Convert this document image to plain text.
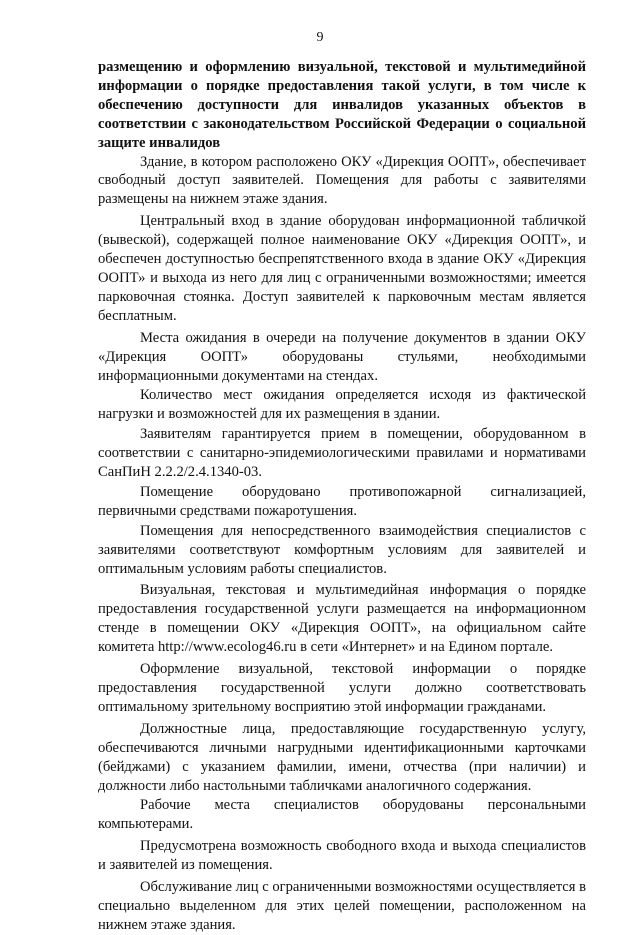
9

размещению и оформлению визуальной, текстовой и мультимедийной информации о порядке предоставления такой услуги, в том числе к обеспечению доступности для инвалидов указанных объектов в соответствии с законодательством Российской Федерации о социальной защите инвалидов

Здание, в котором расположено ОКУ «Дирекция ООПТ», обеспечивает свободный доступ заявителей. Помещения для работы с заявителями размещены на нижнем этаже здания.

Центральный вход в здание оборудован информационной табличкой (вывеской), содержащей полное наименование ОКУ «Дирекция ООПТ», и обеспечен доступностью беспрепятственного входа в здание ОКУ «Дирекция ООПТ» и выхода из него для лиц с ограниченными возможностями; имеется парковочная стоянка. Доступ заявителей к парковочным местам является бесплатным.

Места ожидания в очереди на получение документов в здании ОКУ «Дирекция ООПТ» оборудованы стульями, необходимыми информационными документами на стендах.

Количество мест ожидания определяется исходя из фактической нагрузки и возможностей для их размещения в здании.

Заявителям гарантируется прием в помещении, оборудованном в соответствии с санитарно-эпидемиологическими правилами и нормативами СанПиН 2.2.2/2.4.1340-03.

Помещение оборудовано противопожарной сигнализацией, первичными средствами пожаротушения.

Помещения для непосредственного взаимодействия специалистов с заявителями соответствуют комфортным условиям для заявителей и оптимальным условиям работы специалистов.

Визуальная, текстовая и мультимедийная информация о порядке предоставления государственной услуги размещается на информационном стенде в помещении ОКУ «Дирекция ООПТ», на официальном сайте комитета http://www.ecolog46.ru в сети «Интернет» и на Едином портале.

Оформление визуальной, текстовой информации о порядке предоставления государственной услуги должно соответствовать оптимальному зрительному восприятию этой информации гражданами.

Должностные лица, предоставляющие государственную услугу, обеспечиваются личными нагрудными идентификационными карточками (бейджами) с указанием фамилии, имени, отчества (при наличии) и должности либо настольными табличками аналогичного содержания.

Рабочие места специалистов оборудованы персональными компьютерами.

Предусмотрена возможность свободного входа и выхода специалистов и заявителей из помещения.

Обслуживание лиц с ограниченными возможностями осуществляется в специально выделенном для этих целей помещении, расположенном на нижнем этаже здания.
